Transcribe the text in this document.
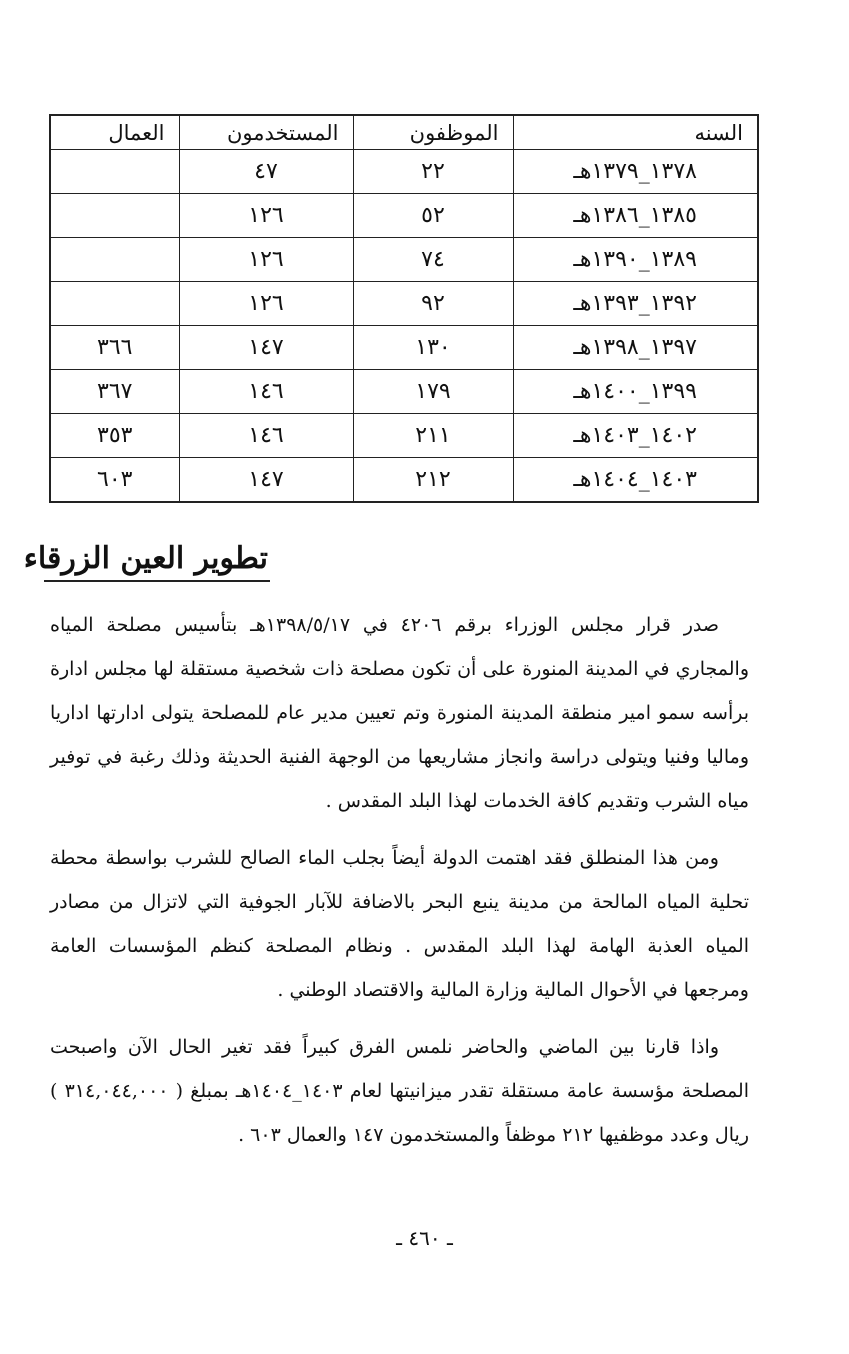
السنه	الموظفون	المستخدمون	العمال
١٣٧٨_١٣٧٩هـ	٢٢	٤٧	
١٣٨٥_١٣٨٦هـ	٥٢	١٢٦	
١٣٨٩_١٣٩٠هـ	٧٤	١٢٦	
١٣٩٢_١٣٩٣هـ	٩٢	١٢٦	
١٣٩٧_١٣٩٨هـ	١٣٠	١٤٧	٣٦٦
١٣٩٩_١٤٠٠هـ	١٧٩	١٤٦	٣٦٧
١٤٠٢_١٤٠٣هـ	٢١١	١٤٦	٣٥٣
١٤٠٣_١٤٠٤هـ	٢١٢	١٤٧	٦٠٣
تطوير العين الزرقاء

صدر قرار مجلس الوزراء برقم ٤٢٠٦ في ١٣٩٨/٥/١٧هـ بتأسيس مصلحة المياه والمجاري في المدينة المنورة على أن تكون مصلحة ذات شخصية مستقلة لها مجلس ادارة برأسه سمو امير منطقة المدينة المنورة وتم تعيين مدير عام للمصلحة يتولى ادارتها اداريا وماليا وفنيا ويتولى دراسة وانجاز مشاريعها من الوجهة الفنية الحديثة وذلك رغبة في توفير مياه الشرب وتقديم كافة الخدمات لهذا البلد المقدس .

ومن هذا المنطلق فقد اهتمت الدولة أيضاً بجلب الماء الصالح للشرب بواسطة محطة تحلية المياه المالحة من مدينة ينبع البحر بالاضافة للآبار الجوفية التي لاتزال من مصادر المياه العذبة الهامة لهذا البلد المقدس . ونظام المصلحة كنظم المؤسسات العامة ومرجعها في الأحوال المالية وزارة المالية والاقتصاد الوطني .

واذا قارنا بين الماضي والحاضر نلمس الفرق كبيراً فقد تغير الحال الآن واصبحت المصلحة مؤسسة عامة مستقلة تقدر ميزانيتها لعام ١٤٠٣_١٤٠٤هـ بمبلغ ( ٣١٤,٠٤٤,٠٠٠ ) ريال وعدد موظفيها ٢١٢ موظفاً والمستخدمون ١٤٧ والعمال ٦٠٣ .

ـ ٤٦٠ ـ
